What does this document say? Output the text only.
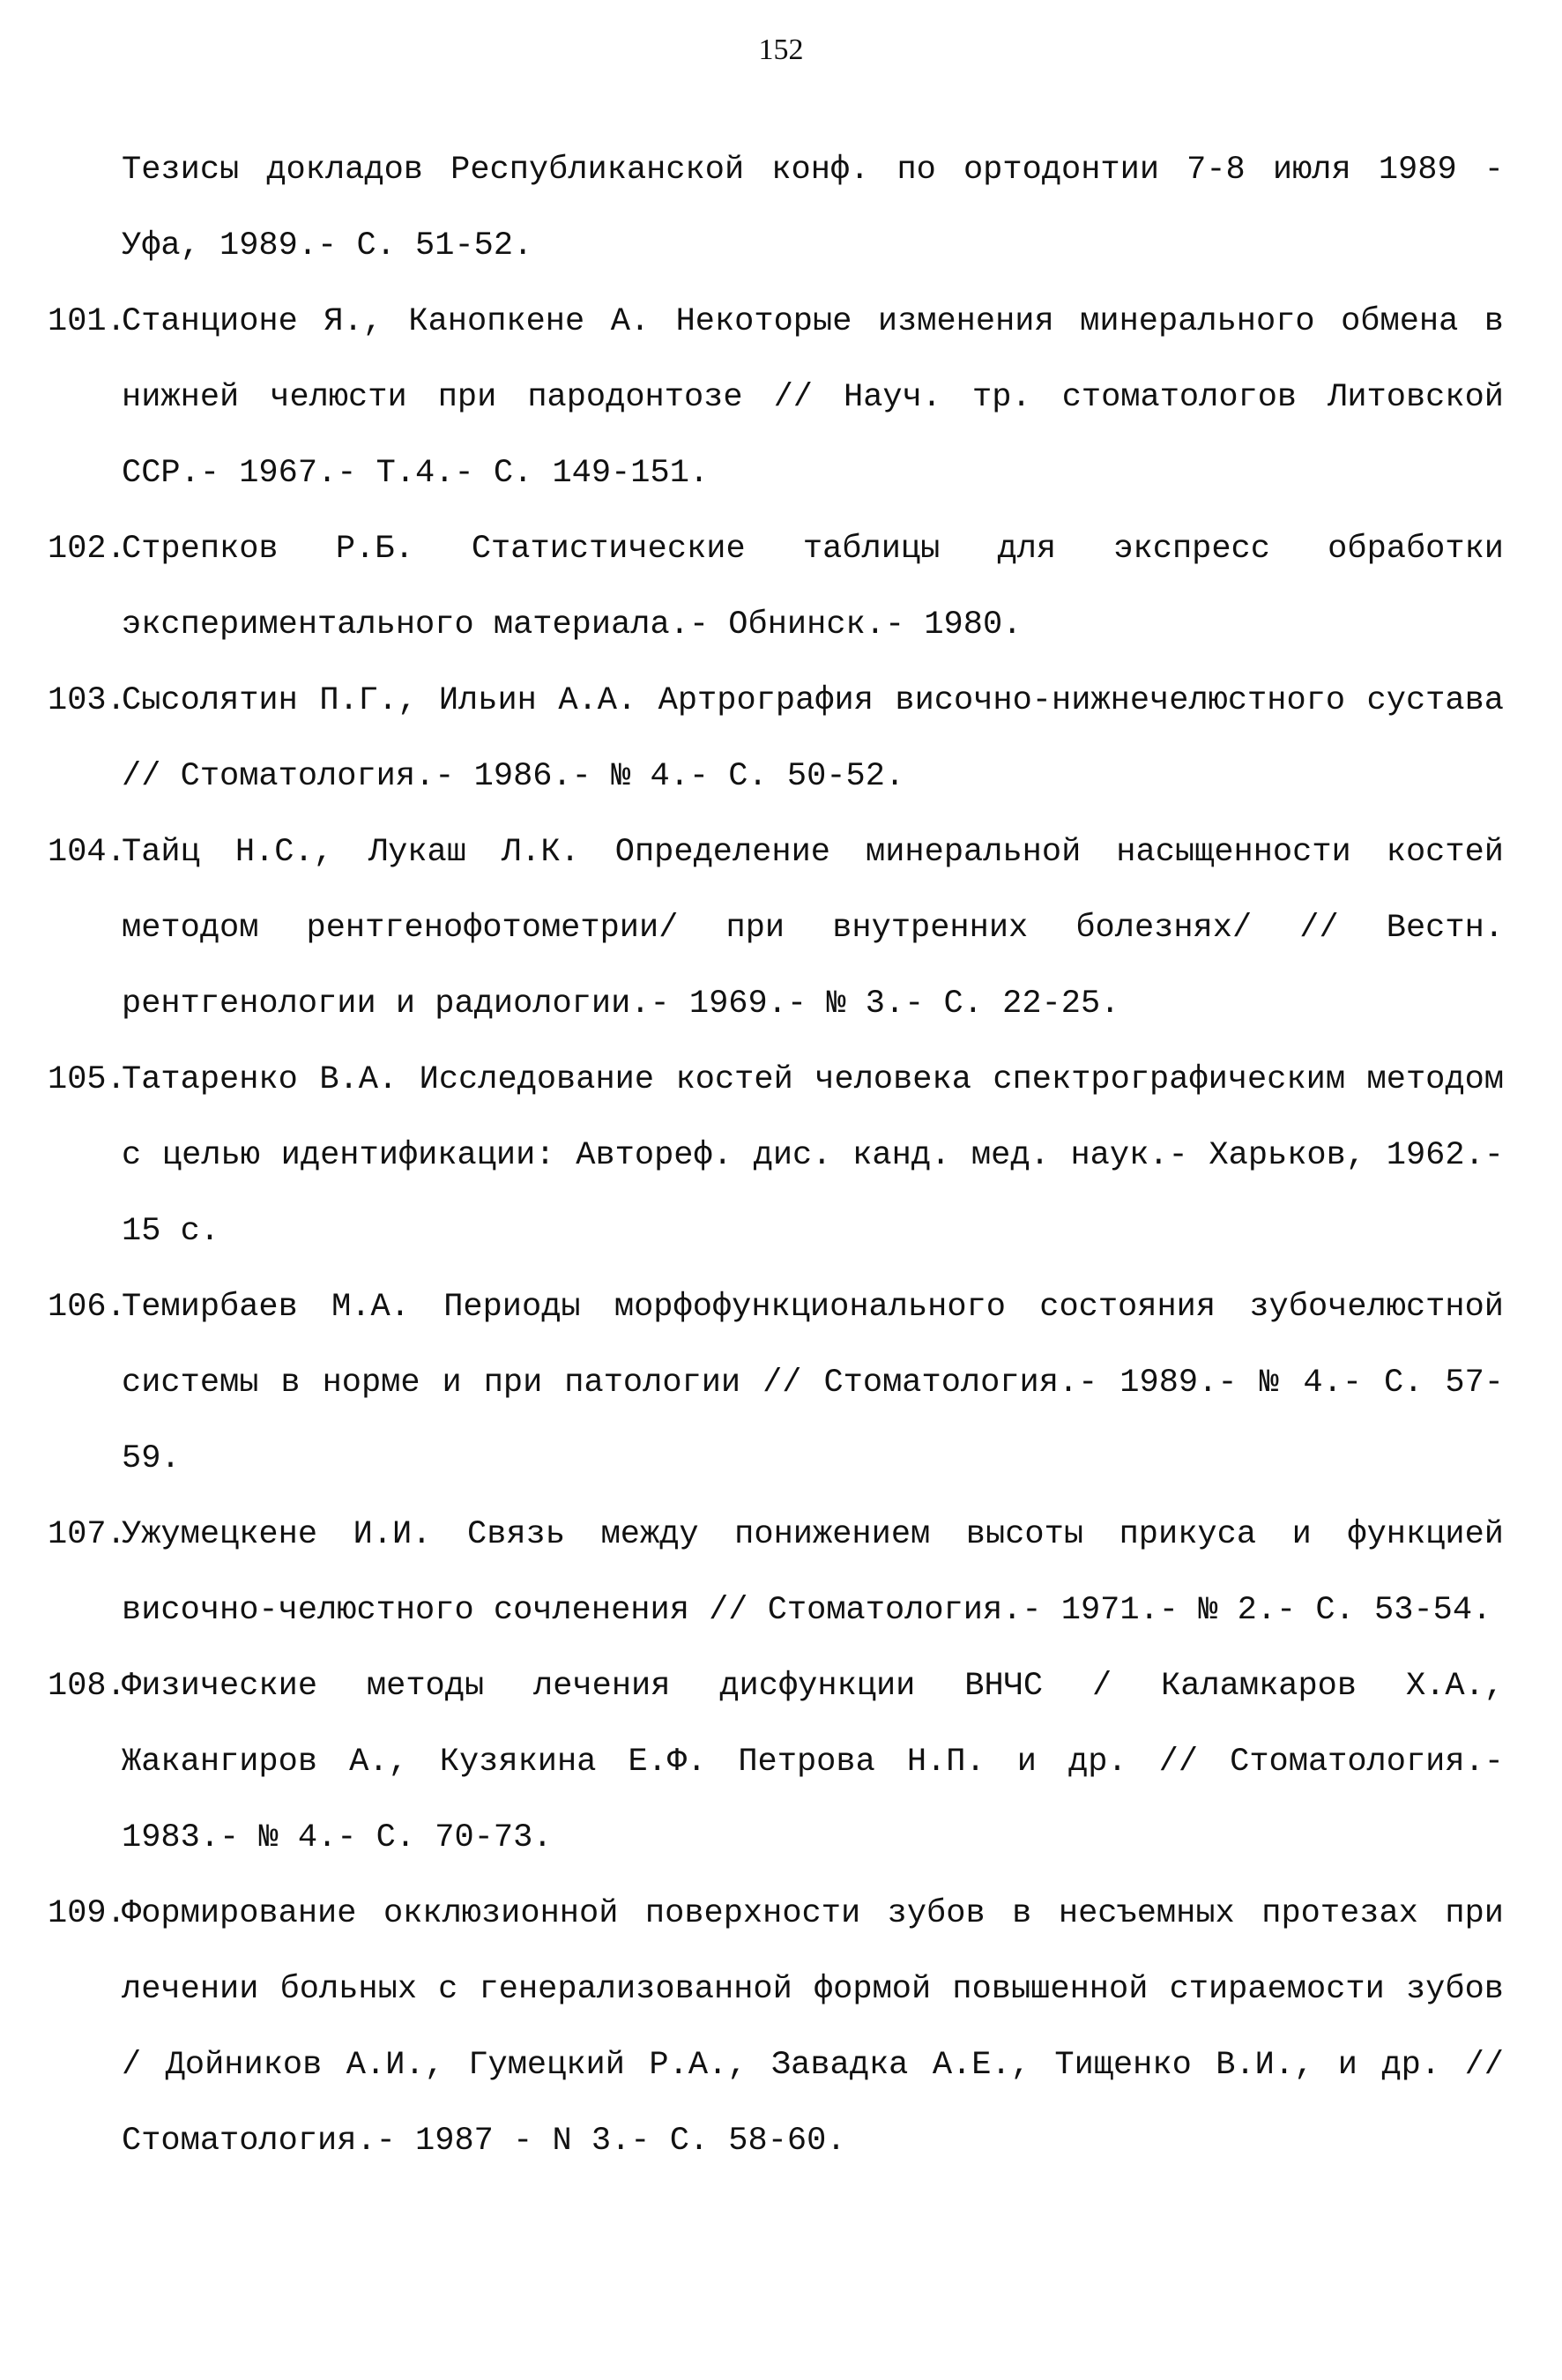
152

Тезисы докладов Республиканской конф. по ортодонтии 7-8 июля 1989 - Уфа, 1989.- С. 51-52.

101.Станционе Я., Канопкене А. Некоторые изменения минерального обмена в нижней челюсти при пародонтозе // Науч. тр. стоматологов Литовской ССР.- 1967.- Т.4.- С. 149-151.

102.Стрепков Р.Б. Статистические таблицы для экспресс обработки экспериментального материала.- Обнинск.- 1980.

103.Сысолятин П.Г., Ильин А.А. Артрография височно-нижнечелюстного сустава // Стоматология.- 1986.- № 4.- С. 50-52.

104.Тайц Н.С., Лукаш Л.К. Определение минеральной насыщенности костей методом рентгенофотометрии/ при внутренних болезнях/ // Вестн. рентгенологии и радиологии.- 1969.- № 3.- С. 22-25.

105.Татаренко В.А. Исследование костей человека спектрографическим методом с целью идентификации: Автореф. дис. канд. мед. наук.- Харьков, 1962.- 15 с.

106.Темирбаев М.А. Периоды морфофункционального состояния зубочелюстной системы в норме и при патологии // Стоматология.- 1989.- № 4.- С. 57-59.

107.Ужумецкене И.И. Связь между понижением высоты прикуса и функцией височно-челюстного сочленения // Стоматология.- 1971.- № 2.- С. 53-54.

108.Физические методы лечения дисфункции ВНЧС / Каламкаров Х.А., Жакангиров А., Кузякина Е.Ф. Петрова Н.П. и др. // Стоматология.- 1983.- № 4.- С. 70-73.

109.Формирование окклюзионной поверхности зубов в несъемных протезах при лечении больных с генерализованной формой повышенной стираемости зубов / Дойников А.И., Гумецкий Р.А., Завадка А.Е., Тищенко В.И., и др. // Стоматология.- 1987 - N 3.- С. 58-60.
